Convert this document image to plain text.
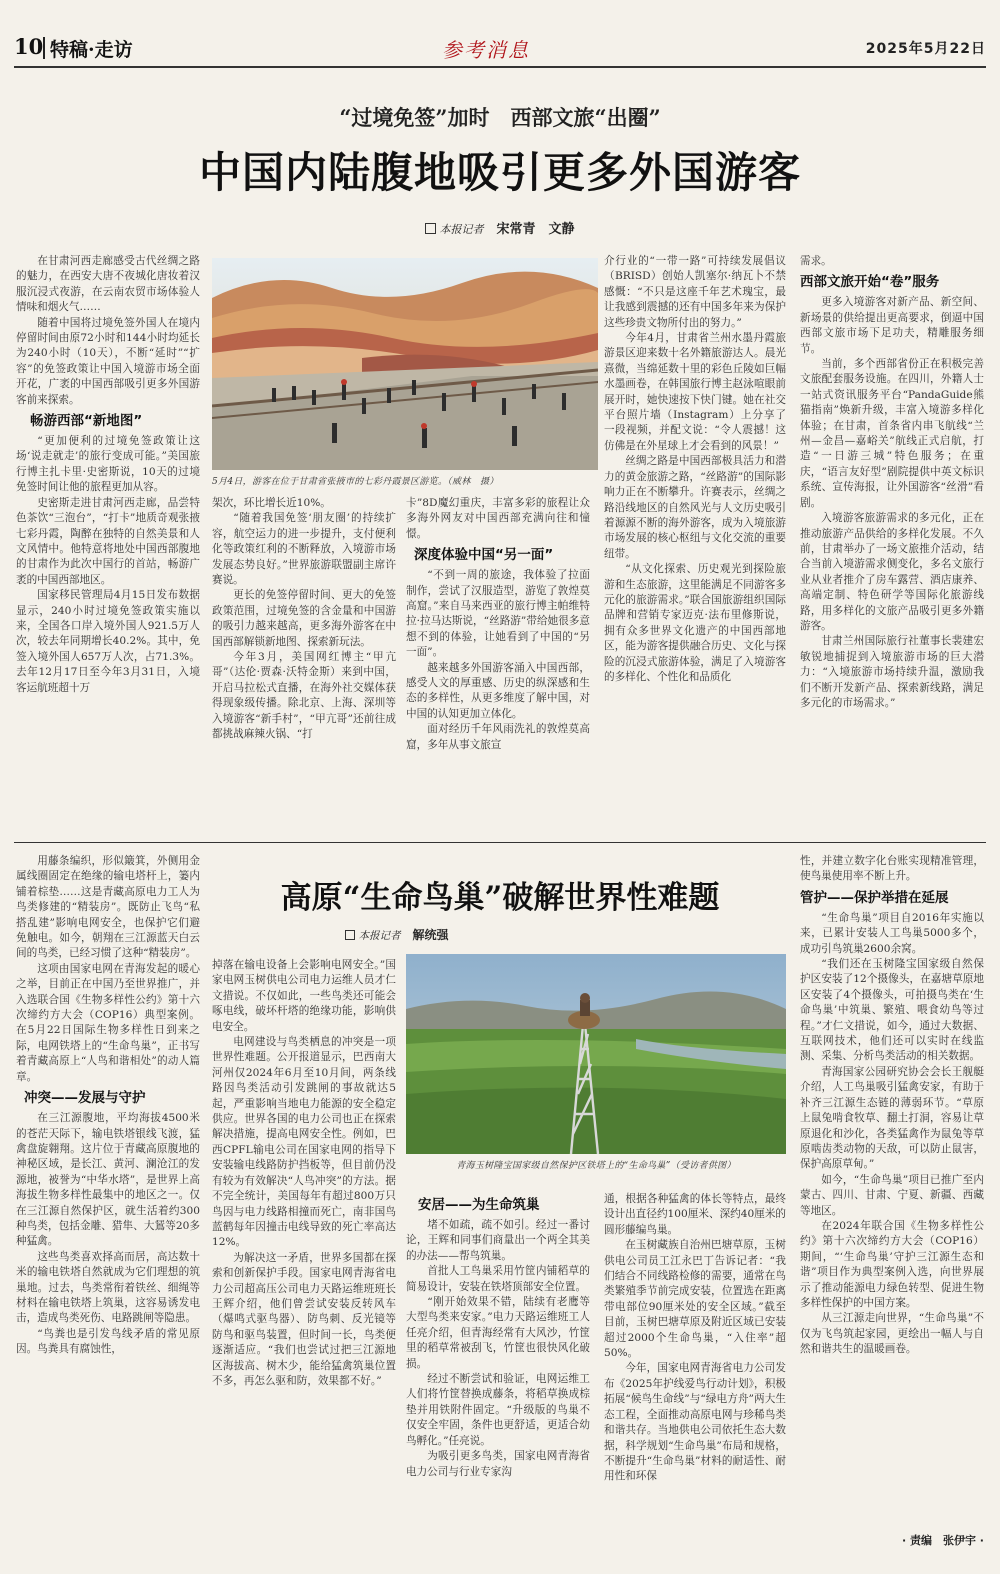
10 特稿·走访	参考消息	2025年5月22日
“过境免签”加时　西部文旅“出圈”
中国内陆腹地吸引更多外国游客
本报记者　 宋常青　文静
5月4日，游客在位于甘肃省张掖市的七彩丹霞景区游览。（威林　摄）

在甘肃河西走廊感受古代丝绸之路的魅力，在西安大唐不夜城化唐妆着汉服沉浸式夜游，在云南农贸市场体验人情味和烟火气……

随着中国将过境免签外国人在境内停留时间由原72小时和144小时均延长为240小时（10天），不断“延时”“扩容”的免签政策让中国入境游市场全面开花，广袤的中国西部吸引更多外国游客前来探索。

畅游西部“新地图”

“更加便利的过境免签政策让这场‘说走就走’的旅行变成可能。”美国旅行博主扎卡里·史密斯说，10天的过境免签时间让他的旅程更加从容。

史密斯走进甘肃河西走廊，品尝特色茶饮“三泡台”，“打卡”地质奇观张掖七彩丹霞，陶醉在独特的自然美景和人文风情中。他特意将地处中国西部腹地的甘肃作为此次中国行的首站，畅游广袤的中国西部地区。

国家移民管理局4月15日发布数据显示，240小时过境免签政策实施以来，全国各口岸入境外国人921.5万人次，较去年同期增长40.2%。其中，免签入境外国人657万人次，占71.3%。去年12月17日至今年3月31日，入境客运航班超十万

架次，环比增长近10%。

“随着我国免签‘朋友圈’的持续扩容，航空运力的进一步提升，支付便利化等政策红利的不断释放，入境游市场发展态势良好。”世界旅游联盟副主席许赛说。

更长的免签停留时间、更大的免签政策范围，过境免签的含金量和中国游的吸引力越来越高，更多海外游客在中国西部解锁新地图、探索新玩法。

今年3月，美国网红博主“甲亢哥”（达伦·贾森·沃特金斯）来到中国，开启马拉松式直播，在海外社交媒体获得现象级传播。除北京、上海、深圳等入境游客“新手村”，“甲亢哥”还前往成都挑战麻辣火锅、“打

卡”8D魔幻重庆，丰富多彩的旅程让众多海外网友对中国西部充满向往和憧憬。

深度体验中国“另一面”

“不到一周的旅途，我体验了拉面制作，尝试了汉服造型，游览了敦煌莫高窟。”来自马来西亚的旅行博主帕维特拉·拉马达斯说，“丝路游”带给她很多意想不到的体验，让她看到了中国的“另一面”。

越来越多外国游客涌入中国西部，感受人文的厚重感、历史的纵深感和生态的多样性，从更多维度了解中国，对中国的认知更加立体化。

面对经历千年风雨洗礼的敦煌莫高窟，多年从事文旅宣

介行业的“一带一路”可持续发展倡议（BRISD）创始人凯塞尔·纳瓦卜不禁感慨：“不只是这座千年艺术瑰宝，最让我感到震撼的还有中国多年来为保护这些珍贵文物所付出的努力。”

今年4月，甘肃省兰州水墨丹霞旅游景区迎来数十名外籍旅游达人。晨光熹微，当绵延数十里的彩色丘陵如巨幅水墨画卷，在韩国旅行博主赵泳喧眼前展开时，她快速按下快门键。她在社交平台照片墙（Instagram）上分享了一段视频，并配文说：“令人震撼！这仿佛是在外星球上才会看到的风景！”

丝绸之路是中国西部极具活力和潜力的黄金旅游之路，“丝路游”的国际影响力正在不断攀升。许赛表示，丝绸之路沿线地区的自然风光与人文历史吸引着源源不断的海外游客，成为入境旅游市场发展的核心枢纽与文化交流的重要纽带。

“从文化探索、历史观光到探险旅游和生态旅游，这里能满足不同游客多元化的旅游需求。”联合国旅游组织国际品牌和营销专家迈克·法布里修斯说，拥有众多世界文化遗产的中国西部地区，能为游客提供融合历史、文化与探险的沉浸式旅游体验，满足了入境游客的多样化、个性化和品质化

需求。

西部文旅开始“卷”服务

更多入境游客对新产品、新空间、新场景的供给提出更高要求，倒逼中国西部文旅市场下足功夫，精雕服务细节。

当前，多个西部省份正在积极完善文旅配套服务设施。在四川，外籍人士一站式资讯服务平台“PandaGuide熊猫指南”焕新升级，丰富入境游多样化体验；在甘肃，首条省内串飞航线“兰州—金昌—嘉峪关”航线正式启航，打造“一日游三城”特色服务；在重庆，“语言友好型”剧院提供中英文标识系统、宣传海报，让外国游客“丝滑”看剧。

入境游客旅游需求的多元化，正在推动旅游产品供给的多样化发展。不久前，甘肃举办了一场文旅推介活动，结合当前入境游需求侧变化，多名文旅行业从业者推介了房车露营、酒店康养、高端定制、特色研学等国际化旅游线路，用多样化的文旅产品吸引更多外籍游客。

甘肃兰州国际旅行社董事长裴建宏敏锐地捕捉到入境旅游市场的巨大潜力：“入境旅游市场持续升温，激励我们不断开发新产品、探索新线路，满足多元化的市场需求。”

高原“生命鸟巢”破解世界性难题
本报记者　 解统强
青海玉树隆宝国家级自然保护区铁塔上的“生命鸟巢”（受访者供图）

用藤条编织，形似簸箕，外侧用金属线圈固定在绝缘的输电塔杆上，篓内铺着棕垫……这是青藏高原电力工人为鸟类修建的“精装房”。既防止飞鸟“私搭乱建”影响电网安全，也保护它们避免触电。如今，朝翔在三江源蓝天白云间的鸟类，已经习惯了这种“精装房”。

这项由国家电网在青海发起的暖心之举，目前正在中国乃至世界推广，并入选联合国《生物多样性公约》第十六次缔约方大会（COP16）典型案例。在5月22日国际生物多样性日到来之际，电网铁塔上的“生命鸟巢”，正书写着青藏高原上“人鸟和谐相处”的动人篇章。

冲突——发展与守护

在三江源腹地，平均海拔4500米的苍茫天际下，输电铁塔银线飞渡，猛禽盘旋翱翔。这片位于青藏高原腹地的神秘区域，是长江、黄河、澜沧江的发源地，被誉为“中华水塔”，是世界上高海拔生物多样性最集中的地区之一。仅在三江源自然保护区，就生活着约300种鸟类，包括金雕、猎隼、大鵟等20多种猛禽。

这些鸟类喜欢择高而居，高达数十米的输电铁塔自然就成为它们理想的筑巢地。过去，鸟类常衔着铁丝、细绳等材料在输电铁塔上筑巢，这容易诱发电击，造成鸟类死伤、电路跳闸等隐患。

“鸟粪也是引发鸟线矛盾的常见原因。鸟粪具有腐蚀性，

掉落在输电设备上会影响电网安全。”国家电网玉树供电公司电力运维人员才仁文措说。不仅如此，一些鸟类还可能会啄电线，破坏杆塔的绝缘功能，影响供电安全。

电网建设与鸟类栖息的冲突是一项世界性难题。公开报道显示，巴西南大河州仅2024年6月至10月间，两条线路因鸟类活动引发跳闸的事故就达5起，严重影响当地电力能源的安全稳定供应。世界各国的电力公司也正在探索解决措施，提高电网安全性。例如，巴西CPFL输电公司在国家电网的指导下安装输电线路防护挡板等，但目前仍没有较为有效解决“人鸟冲突”的方法。据不完全统计，美国每年有超过800万只鸟因与电力线路相撞而死亡，南非国鸟蓝鹤每年因撞击电线导致的死亡率高达12%。

为解决这一矛盾，世界多国都在探索和创新保护手段。国家电网青海省电力公司超高压公司电力天路运维班班长王辉介绍，他们曾尝试安装反转风车（爆鸣式驱鸟器）、防鸟刺、反光镜等防鸟和驱鸟装置，但时间一长，鸟类便逐渐适应。“我们也尝试过把三江源地区海拔高、树木少，能给猛禽筑巢位置不多，再怎么驱和防，效果都不好。”

安居——为生命筑巢

堵不如疏，疏不如引。经过一番讨论，王辉和同事们商量出一个两全其美的办法——帮鸟筑巢。

首批人工鸟巢采用竹筐内铺稻草的简易设计，安装在铁塔顶部安全位置。

“刚开始效果不错，陆续有老鹰等大型鸟类来安家。”电力天路运维班工人任亮介绍，但青海经常有大风沙，竹筐里的稻草常被刮飞，竹筐也很快风化破损。

经过不断尝试和验证，电网运维工人们将竹筐替换成藤条，将稻草换成棕垫并用铁附件固定。“升级版的鸟巢不仅安全牢固，条件也更舒适，更适合幼鸟孵化。”任亮说。

为吸引更多鸟类，国家电网青海省电力公司与行业专家沟

通，根据各种猛禽的体长等特点，最终设计出直径约100厘米、深约40厘米的圆形藤编鸟巢。

在玉树藏族自治州巴塘草原，玉树供电公司员工江永巴丁告诉记者：“我们结合不同线路检修的需要，通常在鸟类繁殖季节前完成安装，位置选在距离带电部位90厘米处的安全区域。”截至目前，玉树巴塘草原及附近区域已安装超过2000个生命鸟巢，“入住率”超50%。

今年，国家电网青海省电力公司发布《2025年护线爱鸟行动计划》，积极拓展“候鸟生命线”与“绿电方舟”两大生态工程，全面推动高原电网与珍稀鸟类和谐共存。当地供电公司依托生态大数据，科学规划“生命鸟巢”布局和规格，不断提升“生命鸟巢”材料的耐适性、耐用性和环保

性，并建立数字化台账实现精准管理，使鸟巢使用率不断上升。

管护——保护举措在延展

“生命鸟巢”项目自2016年实施以来，已累计安装人工鸟巢5000多个，成功引鸟筑巢2600余窝。

“我们还在玉树隆宝国家级自然保护区安装了12个摄像头，在嘉塘草原地区安装了4个摄像头，可拍摄鸟类在‘生命鸟巢’中筑巢、繁殖、喂食幼鸟等过程。”才仁文措说，如今，通过大数据、互联网技术，他们还可以实时在线监测、采集、分析鸟类活动的相关数据。

青海国家公园研究协会会长王舰艇介绍，人工鸟巢吸引猛禽安家，有助于补齐三江源生态链的薄弱环节。“草原上鼠兔啃食牧草、翻土打洞，容易让草原退化和沙化，各类猛禽作为鼠兔等草原啮齿类动物的天敌，可以防止鼠害，保护高原草甸。”

如今，“生命鸟巢”项目已推广至内蒙古、四川、甘肃、宁夏、新疆、西藏等地区。

在2024年联合国《生物多样性公约》第十六次缔约方大会（COP16）期间，“‘生命鸟巢’守护三江源生态和谐”项目作为典型案例入选，向世界展示了推动能源电力绿色转型、促进生物多样性保护的中国方案。

从三江源走向世界，“生命鸟巢”不仅为飞鸟筑起家园，更绘出一幅人与自然和谐共生的温暖画卷。

· 责编　张伊宇 ·
